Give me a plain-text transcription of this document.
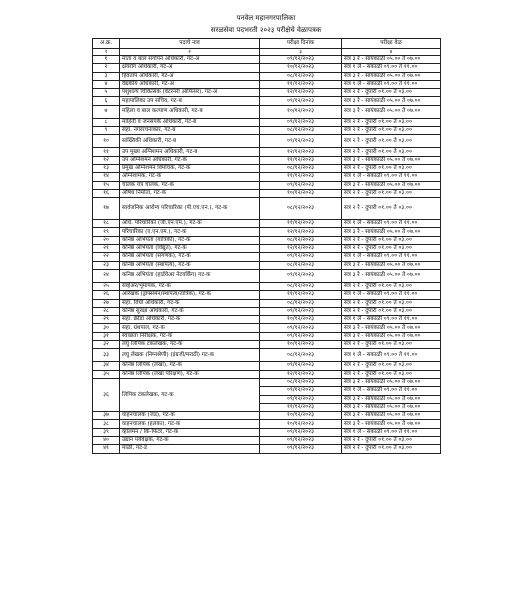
पनवेल महानगरपालिका
सरळसेवा पदभरती २०२३ परीक्षेचे वेळापत्रक
अ.क्र.	पदाचे नाव	परीक्षा दिनांक	परीक्षा वेळ
१	२	३	४
१	माता व बाल संगोपन अधिकारी, गट-अ	०९/१२/२०२३	सत्र ३ रे - सायंकाळी ०५.०० ते ०७.००
२	क्षयरोग अधिकारी, गट-अ	१०/१२/२०२३	सत्र १ ले - सकाळी ०९.०० ते ११.००
३	हिवताप अधिकारी, गट-अ	०८/१२/२०२३	सत्र ३ रे - सायंकाळी ०५.०० ते ०७.००
४	वैद्यकीय अधिकारी, गट-अ	११/१२/२०२३	सत्र १ ले - सकाळी ०९.०० ते ११.००
५	पशुशल्य चिकित्सक (वेटरनरी ऑफिसर), गट-अ	१२/१२/२०२३	सत्र २ रे - दुपारी ०१.०० ते ०३.००
६	महापालिका उप सचिव, गट-ब	०९/१२/२०२३	सत्र ३ रे - सायंकाळी ०५.०० ते ०७.००
७	महिला व बाल कल्याण अधिकारी, गट-ब	१०/१२/२०२३	सत्र ३ रे - सायंकाळी ०५.०० ते ०७.००
८	माहिती व जनसंपर्क अधिकारी, गट-ब	०९/१२/२०२३	सत्र २ रे - दुपारी ०१.०० ते ०३.००
९	सहा. नगररचनाकार, गट-ब	०८/१२/२०२३	सत्र २ रे - दुपारी ०१.०० ते ०३.००
१०	सांख्यिकी अधिकारी, गट-ब	०९/१२/२०२३	सत्र २ रे - दुपारी ०१.०० ते ०३.००
११	उप मुख्य अग्निशमन अधिकारी, गट-ब	१२/१२/२०२३	सत्र २ रे - दुपारी ०१.०० ते ०३.००
१२	उप अग्निशमन अधिकारी, गट-क	११/१२/२०२३	सत्र ३ रे - सायंकाळी ०५.०० ते ०७.००
१३	प्रमुख अग्निशमन विमोचक, गट-क	०८/१२/२०२३	सत्र २ रे - दुपारी ०१.०० ते ०३.००
१४	अग्निशामक, गट-क	११/१२/२०२३	सत्र १ ले - सकाळी ०९.०० ते ११.००
१५	चालक यंत्र चालक, गट-क	०९/१२/२०२३	सत्र ३ रे - सायंकाळी ०५.०० ते ०७.००
१६	औषध निर्माता, गट-क	१०/१२/२०२३	सत्र २ रे - दुपारी ०१.०० ते ०३.००
१७	सार्वजनिक आरोग्य परिचारिका (पी.एच.एन.), गट-क	०८/१२/२०२३	सत्र २ रे - दुपारी ०१.०० ते ०३.००
१८	अधि. परिचारिका (जी.एन.एम.), गट-क	११/१२/२०२३	सत्र १ ले - सकाळी ०९.०० ते ११.००
१९	परिचारिका (ए.एन.एम.), गट-क	१२/१२/२०२३	सत्र ३ रे - सायंकाळी ०५.०० ते ०७.००
२०	कनिष्ठ अभियंता (यांत्रिकी), गट-क	०८/१२/२०२३	सत्र २ रे - दुपारी ०१.०० ते ०३.००
२१	कनिष्ठ अभियंता (विद्युत), गट-क	१२/१२/२०२३	सत्र २ रे - दुपारी ०१.०० ते ०३.००
२२	कनिष्ठ अभियंता (संगणक), गट-क	०९/१२/२०२३	सत्र १ ले - सकाळी ०९.०० ते ११.००
२३	कनिष्ठ अभियंता (स्थापत्य), गट-क	०८/१२/२०२३	सत्र ३ रे - सायंकाळी ०५.०० ते ०७.००
२४	कनिष्ठ अभियंता (हार्डवेअर नेटवर्किंग) गट-क	०९/१२/२०२३	सत्र ३ रे - सायंकाळी ०५.०० ते ०७.००
२५	सर्व्हेअर/भूमापक, गट-क	०८/१२/२०२३	सत्र २ रे - दुपारी ०१.०० ते ०३.००
२६	आरेखक (ड्राफ्समन/स्थापत्य/तांत्रिक), गट-क	११/१२/२०२३	सत्र १ ले - सकाळी ०९.०० ते ११.००
२७	सहा. विधी अधिकारी, गट-क	०८/१२/२०२३	सत्र २ रे - दुपारी ०१.०० ते ०३.००
२८	कनिष्ठ सुरक्षा अधिकारी, गट-क	०९/१२/२०२३	सत्र २ रे - दुपारी ०१.०० ते ०३.००
२९	सहा. क्रीडा अधिकारी, गट-क	१०/१२/२०२३	सत्र १ ले - सकाळी ०९.०० ते ११.००
३०	सहा. ग्रंथपाल, गट-क	०९/१२/२०२३	सत्र ३ रे - सायंकाळी ०५.०० ते ०७.००
३१	स्वच्छता निरीक्षक, गट-क	०९/१२/२०२३	सत्र ३ रे - सायंकाळी ०५.०० ते ०७.००
३२	लघु लिपिक टंकलेखक, गट-क	१०/१२/२०२३	सत्र २ रे - दुपारी ०१.०० ते ०३.००
३३	लघु लेखक (निम्नश्रेणी) (इंग्रजी/मराठी) गट-क	०८/१२/२०२३	सत्र १ ले - सकाळी ०९.०० ते ११.००
३४	कनिष्ठ लिपिक (लेखा), गट-क	०९/१२/२०२३	सत्र २ रे - दुपारी ०१.०० ते ०३.००
३५	कनिष्ठ लिपिक (लेखा परिक्षण), गट-क	१२/१२/२०२३	सत्र २ रे - दुपारी ०१.०० ते ०३.००
३६	लिपिक टंकलेखक, गट-क	०८/१२/२०२३	सत्र ३ रे - सायंकाळी ०५.०० ते ०७.००
		०९/१२/२०२३	सत्र १ ले - सकाळी ०९.०० ते ११.००
		०९/१२/२०२३	सत्र ३ रे - सायंकाळी ०५.०० ते ०७.००
		११/१२/२०२३	सत्र ३ रे - सायंकाळी ०५.०० ते ०७.००
३७	वाहनचालक (जड), गट-क	१०/१२/२०२३	सत्र ३ रे - सायंकाळी ०५.०० ते ०७.००
३८	वाहनचालक (हलका), गट-क	१०/१२/२०२३	सत्र ३ रे - सायंकाळी ०५.०० ते ०७.००
३९	व्हॉलमन / कि-फिटर, गट-क	०९/१२/२०२३	सत्र १ ले - सकाळी ०९.०० ते ११.००
४०	उद्यान पर्यवेक्षक, गट-क	०९/१२/२०२३	सत्र २ रे - दुपारी ०१.०० ते ०३.००
४१	माळी, गट-ड	०९/१२/२०२३	सत्र २ रे - दुपारी ०१.०० ते ०३.००
